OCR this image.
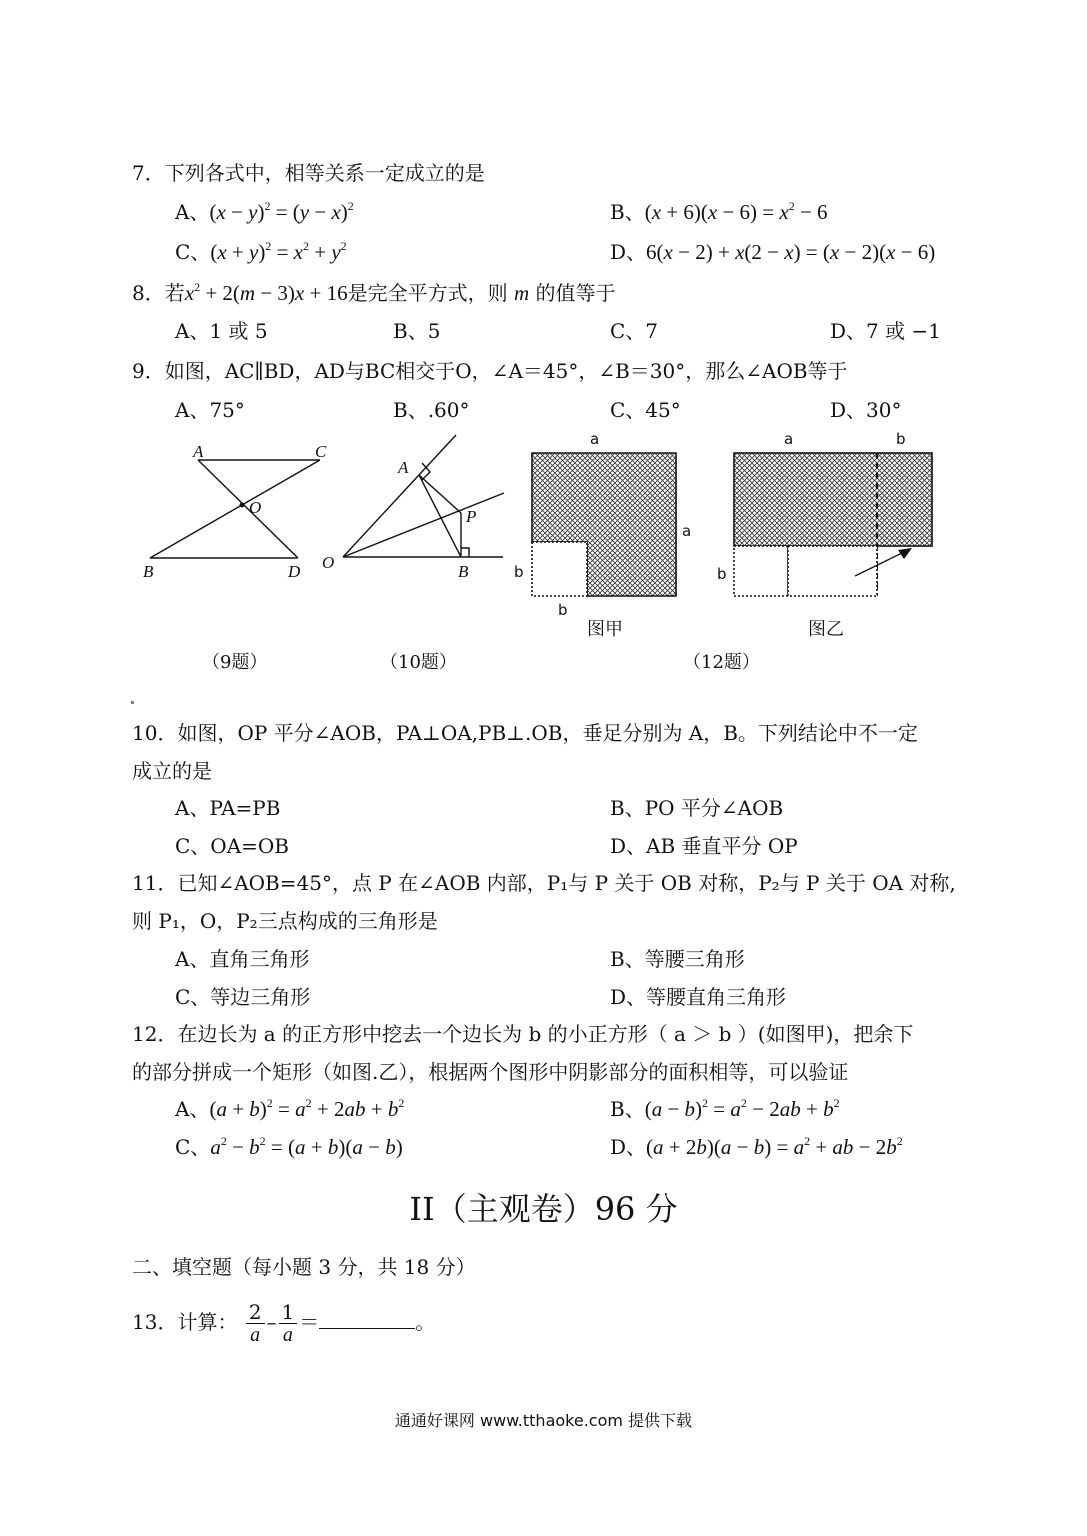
7．下列各式中，相等关系一定成立的是
A、$(x - y)^2 = (y - x)^2$	B、$(x + 6)(x - 6) = x^2 - 6$
C、$(x + y)^2 = x^2 + y^2$	D、6(x − 2) + x(2 − x) = (x − 2)(x − 6)
8．若$x^2 + 2(m - 3)x + 16$是完全平方式，则 m 的值等于
A、1 或 5	B、5	C、7	D、7 或 −1
9．如图，AC∥BD，AD与BC相交于O，∠A＝45°，∠B＝30°，那么∠AOB等于
A、75°	B、.60°	C、45°	D、30°
A	C
O
B	D
（9题）
A
P
O	B
（10题）
a
a
b
b
图甲
a	b
b
图乙
（12题）
10．如图，OP 平分∠AOB，PA⊥OA,PB⊥.OB，垂足分别为 A，B。下列结论中不一定
成立的是
A、PA=PB	B、PO 平分∠AOB
C、OA=OB	D、AB 垂直平分 OP
11．已知∠AOB=45°，点 P 在∠AOB 内部，P₁与 P 关于 OB 对称，P₂与 P 关于 OA 对称,
则 P₁，O，P₂三点构成的三角形是
A、直角三角形	B、等腰三角形
C、等边三角形	D、等腰直角三角形
12．在边长为 a 的正方形中挖去一个边长为 b 的小正方形（ a ＞ b ）(如图甲)，把余下
的部分拼成一个矩形（如图.乙），根据两个图形中阴影部分的面积相等，可以验证
A、$(a + b)^2 = a^2 + 2ab + b^2$	B、$(a - b)^2 = a^2 - 2ab + b^2$
C、$a^2 - b^2 = (a + b)(a - b)$	D、$(a + 2b)(a - b) = a^2$ + ab − $2b^2$
II（主观卷）96 分
二、填空题（每小题 3 分，共 18 分）
13．计算： $\frac{2}{a} - \frac{1}{a}$ ＝	。
通通好课网 www.tthaoke.com 提供下载
